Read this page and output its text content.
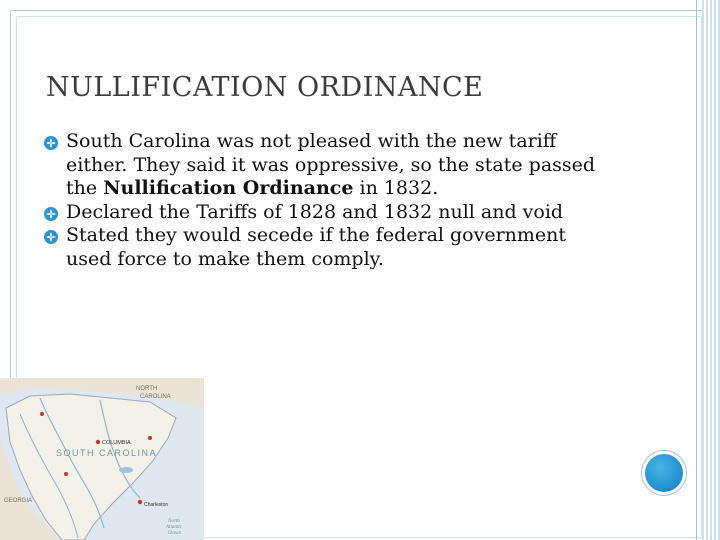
NULLIFICATION ORDINANCE
South Carolina was not pleased with the new tariff either. They said it was oppressive, so the state passed the Nullification Ordinance in 1832.
Declared the Tariffs of 1828 and 1832 null and void
Stated they would secede if the federal government used force to make them comply.
NORTH
CAROLINA
GEORGIA
COLUMBIA
SOUTH CAROLINA
Charleston
North
Atlantic
Ocean
